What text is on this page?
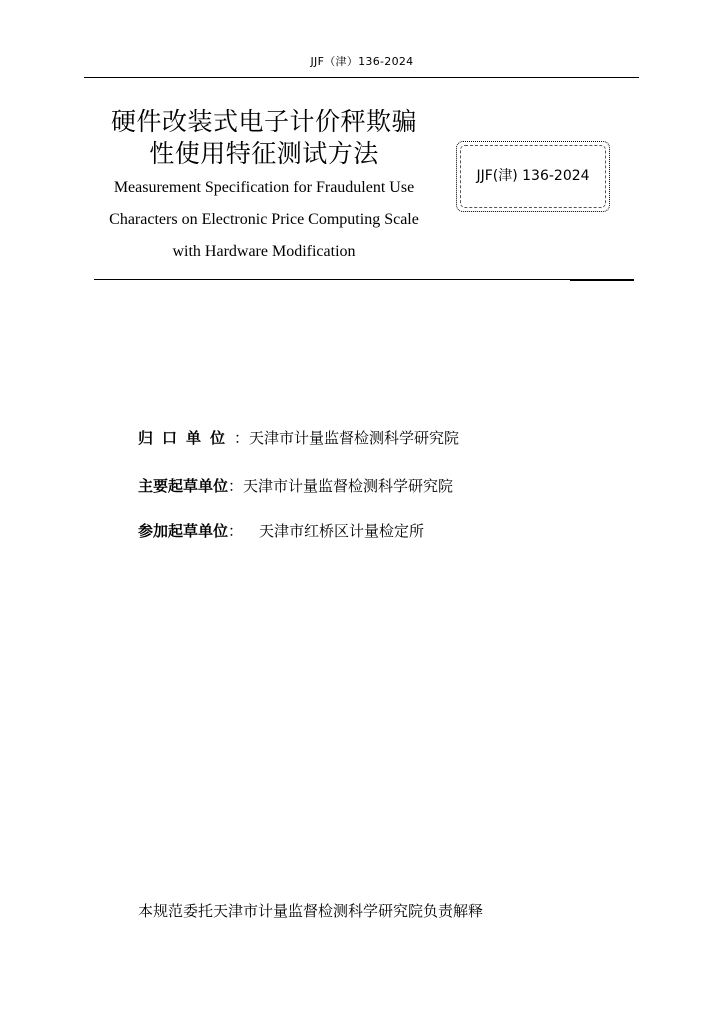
JJF（津）136-2024
硬件改装式电子计价秤欺骗
性使用特征测试方法
Measurement Specification for Fraudulent Use
Characters on Electronic Price Computing Scale
with Hardware Modification
JJF(津) 136-2024
归口单位：天津市计量监督检测科学研究院
主要起草单位：天津市计量监督检测科学研究院
参加起草单位： 天津市红桥区计量检定所
本规范委托天津市计量监督检测科学研究院负责解释
